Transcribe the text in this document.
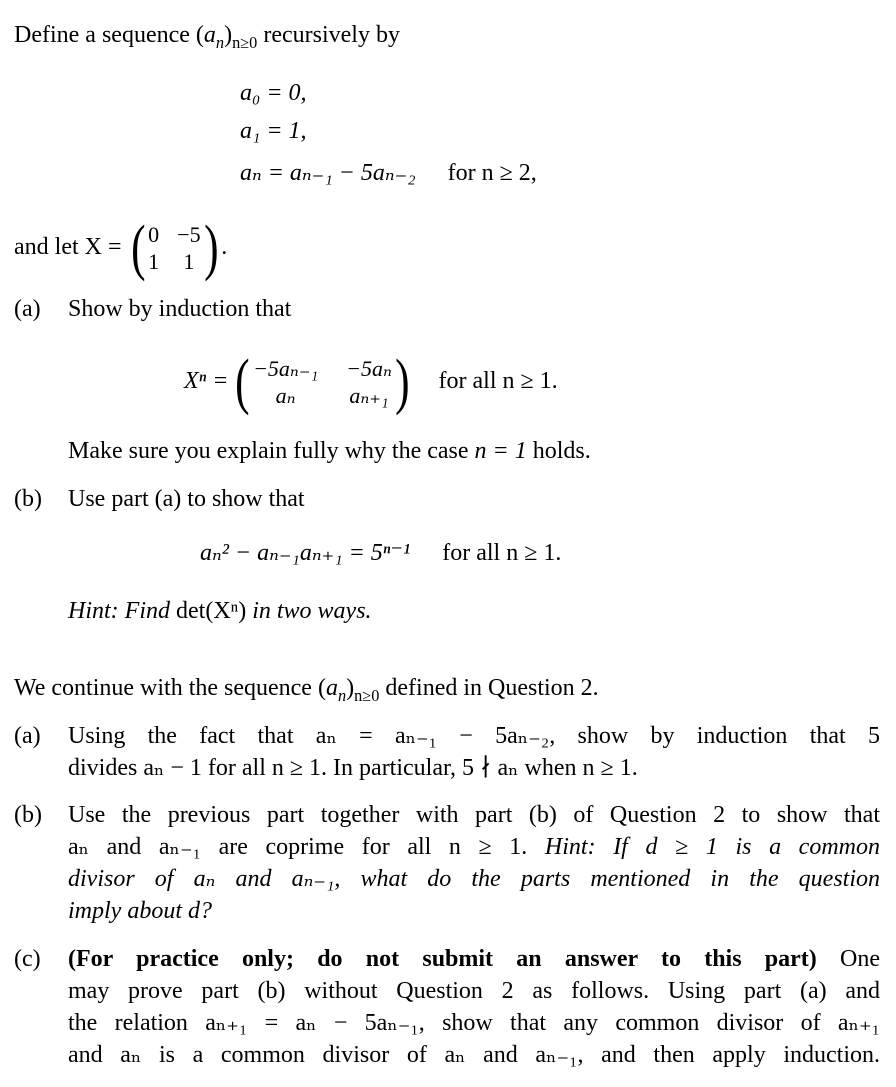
Define a sequence $(a_n)_{n\ge 0}$ recursively by
a₀ = 0,
a₁ = 1,
aₙ = aₙ₋₁ − 5aₙ₋₂ for n ≥ 2,
and let X = ( 0 −5
1 1 ) .
(a) Show by induction that
Xⁿ = ( −5aₙ₋₁ −5aₙ
aₙ	aₙ₊₁ ) for all n ≥ 1.
Make sure you explain fully why the case n = 1 holds.
(b) Use part (a) to show that
aₙ² − aₙ₋₁aₙ₊₁ = 5ⁿ⁻¹ for all n ≥ 1.
Hint: Find det(Xⁿ) in two ways.
We continue with the sequence $(a_n)_{n\ge 0}$ defined in Question 2.
(a) Using the fact that aₙ = aₙ₋₁ − 5aₙ₋₂, show by induction that 5
divides aₙ − 1 for all n ≥ 1. In particular, 5 ∤ aₙ when n ≥ 1.
(b) Use the previous part together with part (b) of Question 2 to show that
aₙ and aₙ₋₁ are coprime for all n ≥ 1. Hint: If d ≥ 1 is a common
divisor of aₙ and aₙ₋₁, what do the parts mentioned in the question
imply about d?
(c) (For practice only; do not submit an answer to this part) One
may prove part (b) without Question 2 as follows. Using part (a) and
the relation aₙ₊₁ = aₙ − 5aₙ₋₁, show that any common divisor of aₙ₊₁
and aₙ is a common divisor of aₙ and aₙ₋₁, and then apply induction.
